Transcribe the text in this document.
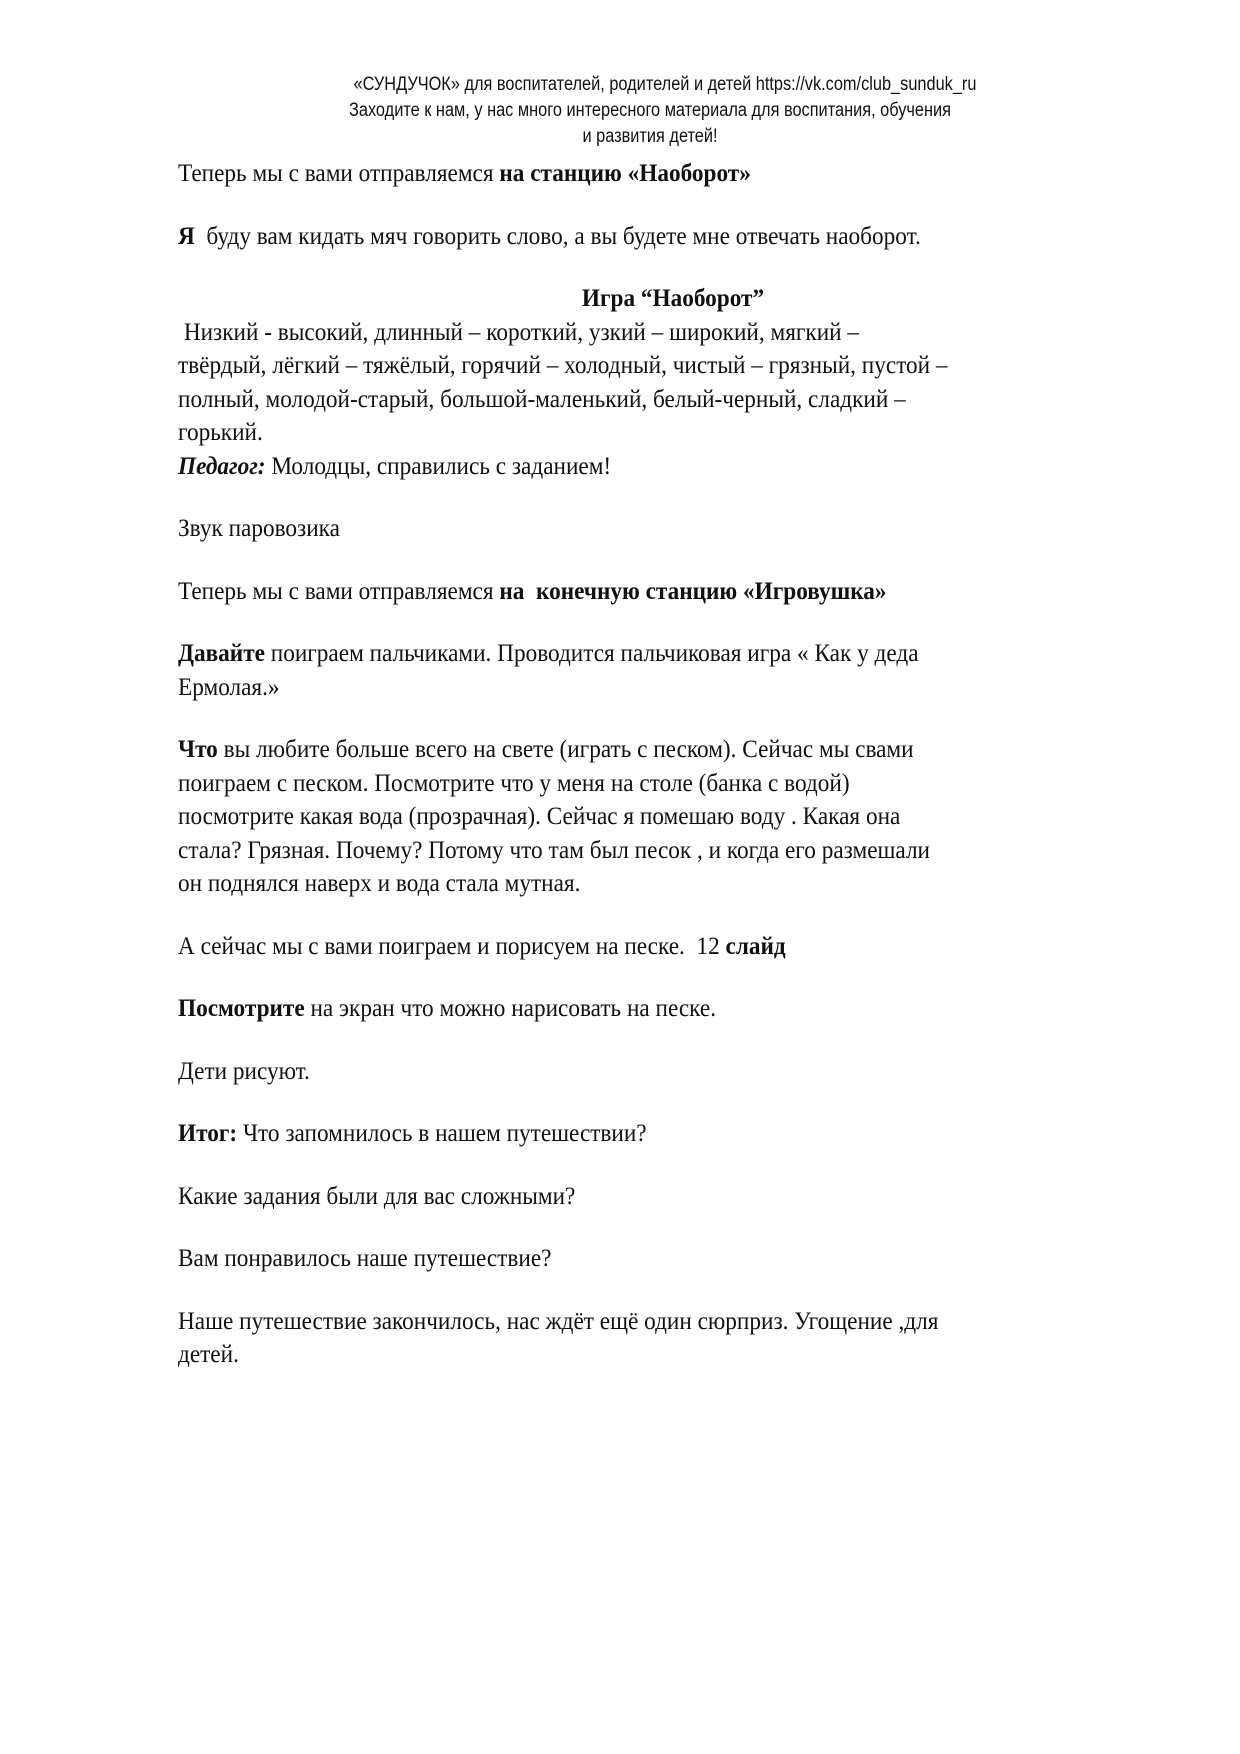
«СУНДУЧОК» для воспитателей, родителей и детей https://vk.com/club_sunduk_ru
Заходите к нам, у нас много интересного материала для воспитания, обучения
и развития детей!

Теперь мы с вами отправляемся на станцию «Наоборот»

Я  буду вам кидать мяч говорить слово, а вы будете мне отвечать наоборот.

Игра “Наоборот”

Низкий - высокий, длинный – короткий, узкий – широкий, мягкий –

твёрдый, лёгкий – тяжёлый, горячий – холодный, чистый – грязный, пустой –

полный, молодой-старый, большой-маленький, белый-черный, сладкий –

горький.

Педагог: Молодцы, справились с заданием!

Звук паровозика

Теперь мы с вами отправляемся на  конечную станцию «Игровушка»

Давайте поиграем пальчиками. Проводится пальчиковая игра « Как у деда

Ермолая.»

Что вы любите больше всего на свете (играть с песком). Сейчас мы свами

поиграем с песком. Посмотрите что у меня на столе (банка с водой)

посмотрите какая вода (прозрачная). Сейчас я помешаю воду . Какая она

стала? Грязная. Почему? Потому что там был песок , и когда его размешали

он поднялся наверх и вода стала мутная.

А сейчас мы с вами поиграем и порисуем на песке.  12 слайд

Посмотрите на экран что можно нарисовать на песке.

Дети рисуют.

Итог: Что запомнилось в нашем путешествии?

Какие задания были для вас сложными?

Вам понравилось наше путешествие?

Наше путешествие закончилось, нас ждёт ещё один сюрприз. Угощение ,для

детей.
